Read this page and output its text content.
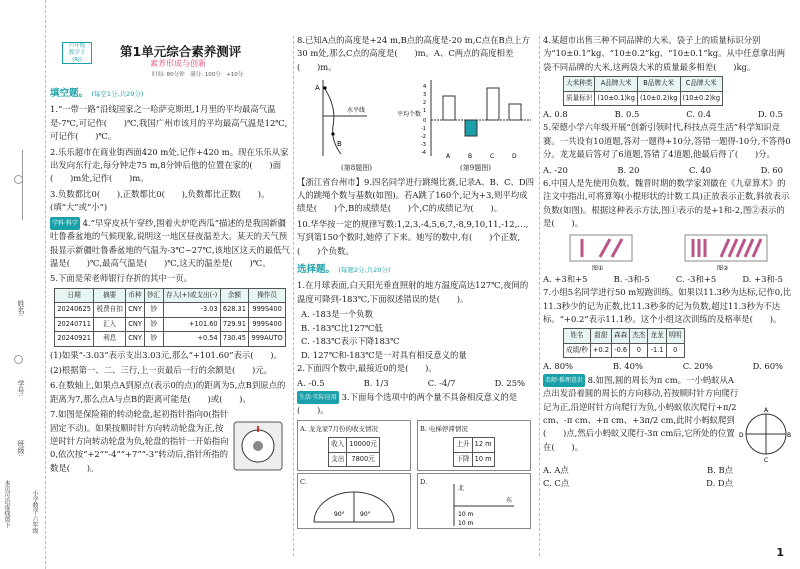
姓名:
学号:
班级:
本页可沿虚线剪下	小学数学·六年级
六年级
数学下
(RJ)
第1单元综合素养测评
素养形成与创新
时间: 80分钟　满分: 100分　+10分
填空题。 (每空1分,共29分)
1.“一带一路”沿线国家之一哈萨克斯坦,1月里的平均最高气温是-7℃,可记作(　　)℃,我国广州市该月的平均最高气温是12℃,可记作(　　)℃。
2.乐乐超市在商业街西面420 m处,记作+420 m。现在乐乐从家出发向东行走,每分钟走75 m,8分钟后他的位置在家的(　　)面(　　)m处,记作(　　)m。
3.负数都比0(　　),正数都比0(　　),负数都比正数(　　)。(填“大”或“小”)
学科·科学 4.“早穿皮袄午穿纱,围着火炉吃西瓜”描述的是我国新疆吐鲁番盆地的气候现象,说明这一地区昼夜温差大。某天的天气预报显示新疆吐鲁番盆地的气温为-3℃~27℃,该地区这天的最低气温是(　　)℃,最高气温是(　　)℃,这天的温差是(　　)℃。
5.下面是荣老师银行存折的其中一页。
日期	摘要	币种	钞汇	存入(+)或支出(-)	余额	操作员
20240625	税费自扣	CNY	钞	-3.03	628.31	999S400
20240711	汇入	CNY	钞	+101.60	729.91	999S400
20240921	利息	CNY	钞	+0.54	730.45	999AUTO
(1)如果“-3.03”表示支出3.03元,那么“+101.60”表示(　　)。
(2)根据第一、二、三行,上一页最后一行的余额是(　　)元。
6.在数轴上,如果点A到原点(表示0的点)的距离为5,点B到原点的距离为7,那么点A与点B的距离可能是(　　)或(　　)。
7.如图是保险箱的转动轮盘,起初指针指向0(指针固定不动)。如果按顺时针方向转动轮盘为正,按逆时针方向转动轮盘为负,轮盘的指针一开始指向0,依次按“+2”“-4”“+7”“-3”转动后,指针所指的数是(　　)。
8.已知A点的高度是+24 m,B点的高度是-20 m,C点在B点上方30 m处,那么C点的高度是(　　)m。A、C两点的高度相差(　　)m。
A
B
水平线
平均个数
4
3
2
1
0
-1
-2
-3
-4	A	B	C	D
(第8题图)	(第9题图)
【浙江省台州市】9.四名同学进行跳绳比赛,记录A、B、C、D四人的跳绳个数与基数(如图)。若A跳了160个,记为+3,则平均成绩是(　　)个,B的成绩是(　　)个,C的成绩记为(　　)。
10.华华按一定的规律写数:1,2,3,-4,5,6,7,-8,9,10,11,-12,…,写到第150个数时,她停了下来。她写的数中,有(　　)个正数,(　　)个负数。
选择题。 (每题2分,共20分)
1.在月球表面,白天阳光垂直照射的地方温度高达127℃,夜间的温度可降到-183℃,下面叙述错误的是(　　)。
A. -183是一个负数
B. -183℃比127℃低
C. -183℃表示下降183℃
D. 127℃和-183℃是一对具有相反意义的量
2.下面四个数中,最接近0的是(　　)。
A. -0.5	B. 1/3	C. -4/7	D. 25%
生活·实际应用 3.下面每个选项中的两个量不具备相反意义的是(　　)。
A. 龙龙家7月份的收支情况
收入	10000元
支出	7800元
B. 电梯停滞情况
上升	12 m
下降	10 m
C.
90°	90°
D.
北
东
10 m
10 m
4.某超市出售三种不同品牌的大米。袋子上的质量标识分别为“10±0.1”kg、“10±0.2”kg、“10±0.1”kg。从中任意拿出两袋不同品牌的大米,这两袋大米的质量最多相差(　　)kg。
大米种类	A品牌大米	B品牌大米	C品牌大米
质量标识	(10±0.1)kg	(10±0.2)kg	(10±0.2)kg
A. 0.8	B. 0.5	C. 0.4	D. 0.5
5.荣德小学六年级开展“创新引领时代,科技点亮生活”科学知识竞赛。一共设有10道题,答对一题得+10分,答错一题得-10分,不答得0分。龙龙最后答对了6道题,答错了4道题,他最后得了(　　)分。
A. -20	B. 20	C. 40	D. 60
6.中国人是先使用负数。魏晋时期的数学家刘徽在《九章算术》的注文中指出,可将算筹(小棍形状的计数工具)正放表示正数,斜放表示负数(如图)。根据这种表示方法,图①表示的是+1和-2,图②表示的是(　　)。
图①	图②
A. +3和+5	B. -3和-5	C. -3和+5	D. +3和-5
7.小组5名同学进行50 m短跑训练。如果以11.3秒为达标,记作0,比11.3秒少的记为正数,比11.3秒多的记为负数,超过11.3秒为不达标。“+0.2”表示11.1秒。这个小组这次训练的及格率是(　　)。
姓名	甜甜	森森	杰杰	龙龙	明明
成绩/秒	+0.2	-0.6	0	-1.1	0
A. 80%	B. 40%	C. 20%	D. 60%
名师·推理意识 8.如图,圆的周长为π cm。一小蚂蚁从A点出发沿着圆的周长的方向移动,若按顺时针方向爬行记为正,沿逆时针方向爬行为负,小蚂蚁依次爬行+π/2 cm、-π cm、+π cm、+3π/2 cm,此时小蚂蚁爬到(　　)点,然后小蚂蚁又爬行-3π cm后,它所处的位置在(　　)。
A
B
C
D
A. A点	B. B点
C. C点	D. D点
1
